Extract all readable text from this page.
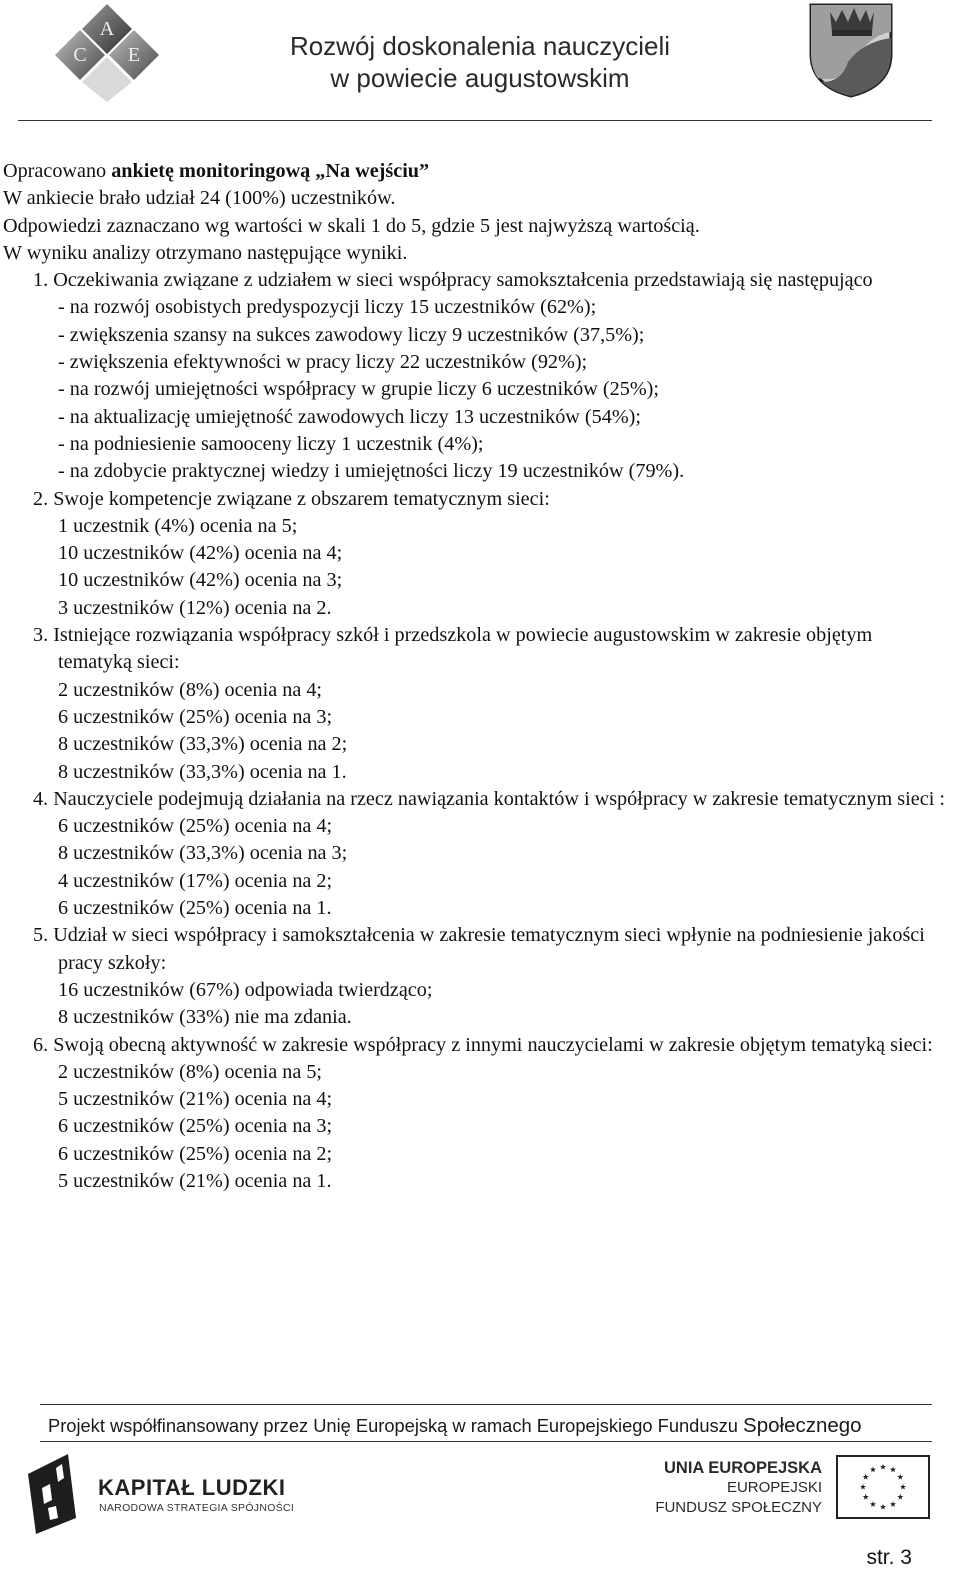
A
C E	Rozwój doskonalenia nauczycieli
w powiecie augustowskim

Opracowano ankietę monitoringową „Na wejściu”

W ankiecie brało udział 24 (100%) uczestników.

Odpowiedzi zaznaczano wg wartości w skali 1 do 5, gdzie 5 jest najwyższą wartością.

W wyniku analizy otrzymano następujące wyniki.

1. Oczekiwania związane z udziałem w sieci współpracy samokształcenia przedstawiają się następująco

- na rozwój osobistych predyspozycji liczy 15 uczestników (62%);

- zwiększenia szansy na sukces zawodowy liczy 9 uczestników (37,5%);

- zwiększenia efektywności w pracy liczy 22 uczestników (92%);

- na rozwój umiejętności współpracy w grupie liczy 6 uczestników (25%);

- na aktualizację umiejętność zawodowych liczy 13 uczestników (54%);

- na podniesienie samooceny liczy 1 uczestnik (4%);

- na zdobycie praktycznej wiedzy i umiejętności liczy 19 uczestników (79%).

2. Swoje kompetencje związane z obszarem tematycznym sieci:

1 uczestnik (4%) ocenia na 5;

10 uczestników (42%) ocenia na 4;

10 uczestników (42%) ocenia na 3;

3 uczestników (12%) ocenia na 2.

3. Istniejące rozwiązania współpracy szkół i przedszkola w powiecie augustowskim w zakresie objętym tematyką sieci:

2 uczestników (8%) ocenia na 4;

6 uczestników (25%) ocenia na 3;

8 uczestników (33,3%) ocenia na 2;

8 uczestników (33,3%) ocenia na 1.

4. Nauczyciele podejmują działania na rzecz nawiązania kontaktów i współpracy w zakresie tematycznym sieci :

6 uczestników (25%) ocenia na 4;

8 uczestników (33,3%) ocenia na 3;

4 uczestników (17%) ocenia na 2;

6 uczestników (25%) ocenia na 1.

5. Udział w sieci współpracy i samokształcenia w zakresie tematycznym sieci wpłynie na podniesienie jakości pracy szkoły:

16 uczestników (67%) odpowiada twierdząco;

8 uczestników (33%) nie ma zdania.

6. Swoją obecną aktywność w zakresie współpracy z innymi nauczycielami w zakresie objętym tematyką sieci:

2 uczestników (8%) ocenia na 5;

5 uczestników (21%) ocenia na 4;

6 uczestników (25%) ocenia na 3;

6 uczestników (25%) ocenia na 2;

5 uczestników (21%) ocenia na 1.

Projekt współfinansowany przez Unię Europejską w ramach Europejskiego Funduszu Społecznego
KAPITAŁ LUDZKI
NARODOWA STRATEGIA SPÓJNOŚCI
UNIA EUROPEJSKA
EUROPEJSKI
FUNDUSZ SPOŁECZNY
str. 3
